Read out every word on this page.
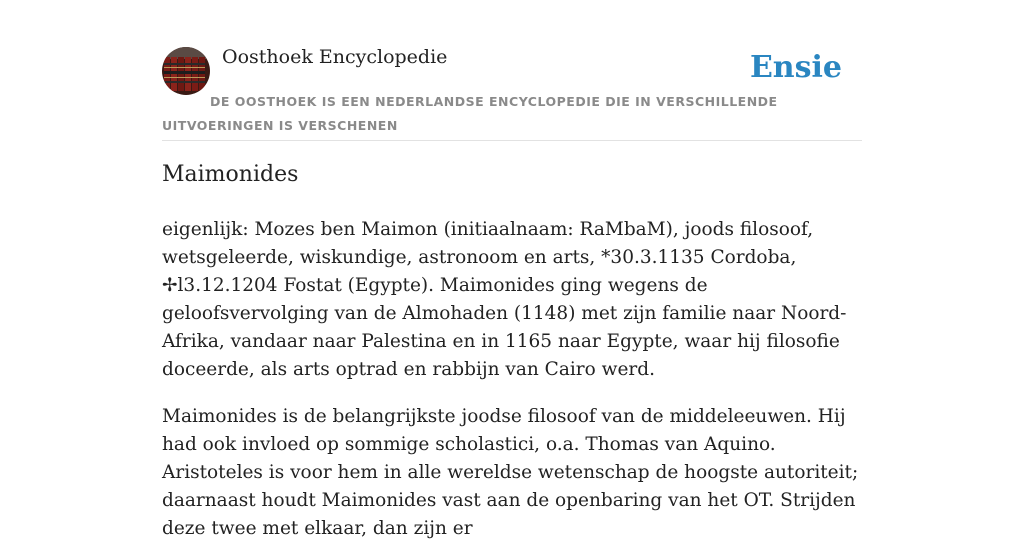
Oosthoek Encyclopedie	Ensie
DE OOSTHOEK IS EEN NEDERLANDSE ENCYCLOPEDIE DIE IN VERSCHILLENDE UITVOERINGEN IS VERSCHENEN
Maimonides

eigenlijk: Mozes ben Maimon (initiaalnaam: RaMbaM), joods filosoof, wetsgeleerde, wiskundige, astronoom en arts, *30.3.1135 Cordoba, ✢l3.12.1204 Fostat (Egypte). Maimonides ging wegens de geloofsvervolging van de Almohaden (1148) met zijn familie naar Noord-Afrika, vandaar naar Palestina en in 1165 naar Egypte, waar hij filosofie doceerde, als arts optrad en rabbijn van Cairo werd.

Maimonides is de belangrijkste joodse filosoof van de middeleeuwen. Hij had ook invloed op sommige scholastici, o.a. Thomas van Aquino. Aristoteles is voor hem in alle wereldse wetenschap de hoogste autoriteit; daarnaast houdt Maimonides vast aan de openbaring van het OT. Strijden deze twee met elkaar, dan zijn er
